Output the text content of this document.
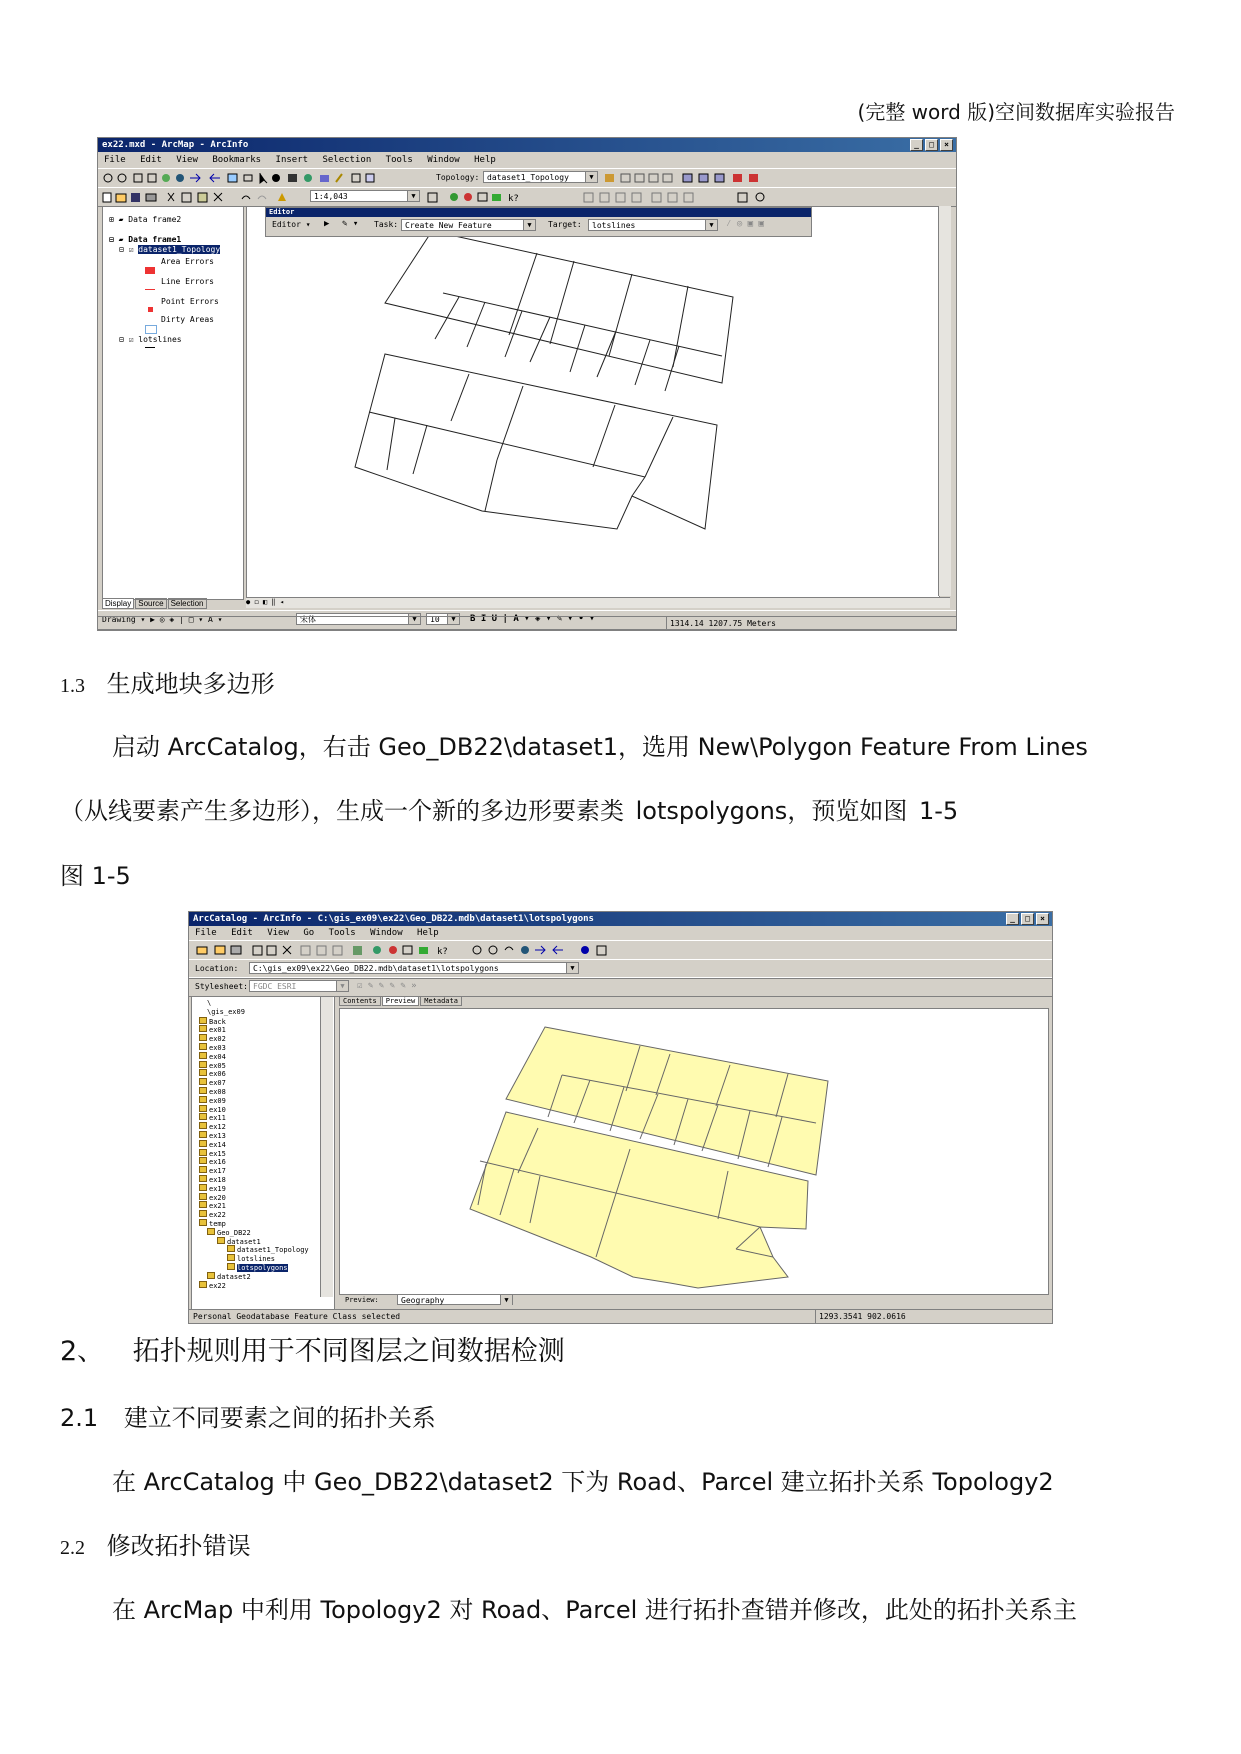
(完整 word 版)空间数据库实验报告
ex22.mxd - ArcMap - ArcInfo	_	□	×
File Edit View Bookmarks Insert Selection Tools Window Help
Topology: dataset1_Topology	▼
1:4,043	▼	k?
⊞ ▰ Data frame2
⊟ ▰ Data frame1
⊟ ☑ dataset1_Topology
Area Errors
Line Errors
Point Errors
Dirty Areas
⊟ ☑ lotslines
Display Source Selection
Editor
Editor ▾ ▶ ✎ ▾ Task: Create New Feature	▼	Target:	lotslines	▼	⁄ ◎ ▣ ▣
● ◻ ◧ ‖ ◂
Drawing ▾ ▶ ◎ ◈ | □ ▾ A ▾	宋体	▼	10	▼	B I U | A ▾ ◈ ▾ ✎ ▾ • ▾	1314.14 1207.75 Meters
1.3 生成地块多边形
启动 ArcCatalog，右击 Geo_DB22\dataset1，选用 New\Polygon Feature From Lines
（从线要素产生多边形），生成一个新的多边形要素类 lotspolygons，预览如图 1-5
图 1-5
ArcCatalog - ArcInfo - C:\gis_ex09\ex22\Geo_DB22.mdb\dataset1\lotspolygons	_	□	×
File Edit View Go Tools Window Help
k?
Location:	C:\gis_ex09\ex22\Geo_DB22.mdb\dataset1\lotspolygons	▼
Stylesheet: FGDC ESRI	▼	☑ ✎ ✎ ✎ ✎ »
\
\gis_ex09
Back
ex01
ex02
ex03
ex04
ex05
ex06
ex07
ex08
ex09
ex10
ex11
ex12
ex13
ex14
ex15
ex16
ex17
ex18
ex19
ex20
ex21
ex22
temp
Geo_DB22
dataset1
dataset1_Topology
lotslines
lotspolygons
dataset2
ex22
Contents	Preview	Metadata
Preview:	Geography	▼
Personal Geodatabase Feature Class selected	1293.3541 902.0616
2、 拓扑规则用于不同图层之间数据检测
2.1 建立不同要素之间的拓扑关系
在 ArcCatalog 中 Geo_DB22\dataset2 下为 Road、Parcel 建立拓扑关系 Topology2
2.2 修改拓扑错误
在 ArcMap 中利用 Topology2 对 Road、Parcel 进行拓扑查错并修改，此处的拓扑关系主
